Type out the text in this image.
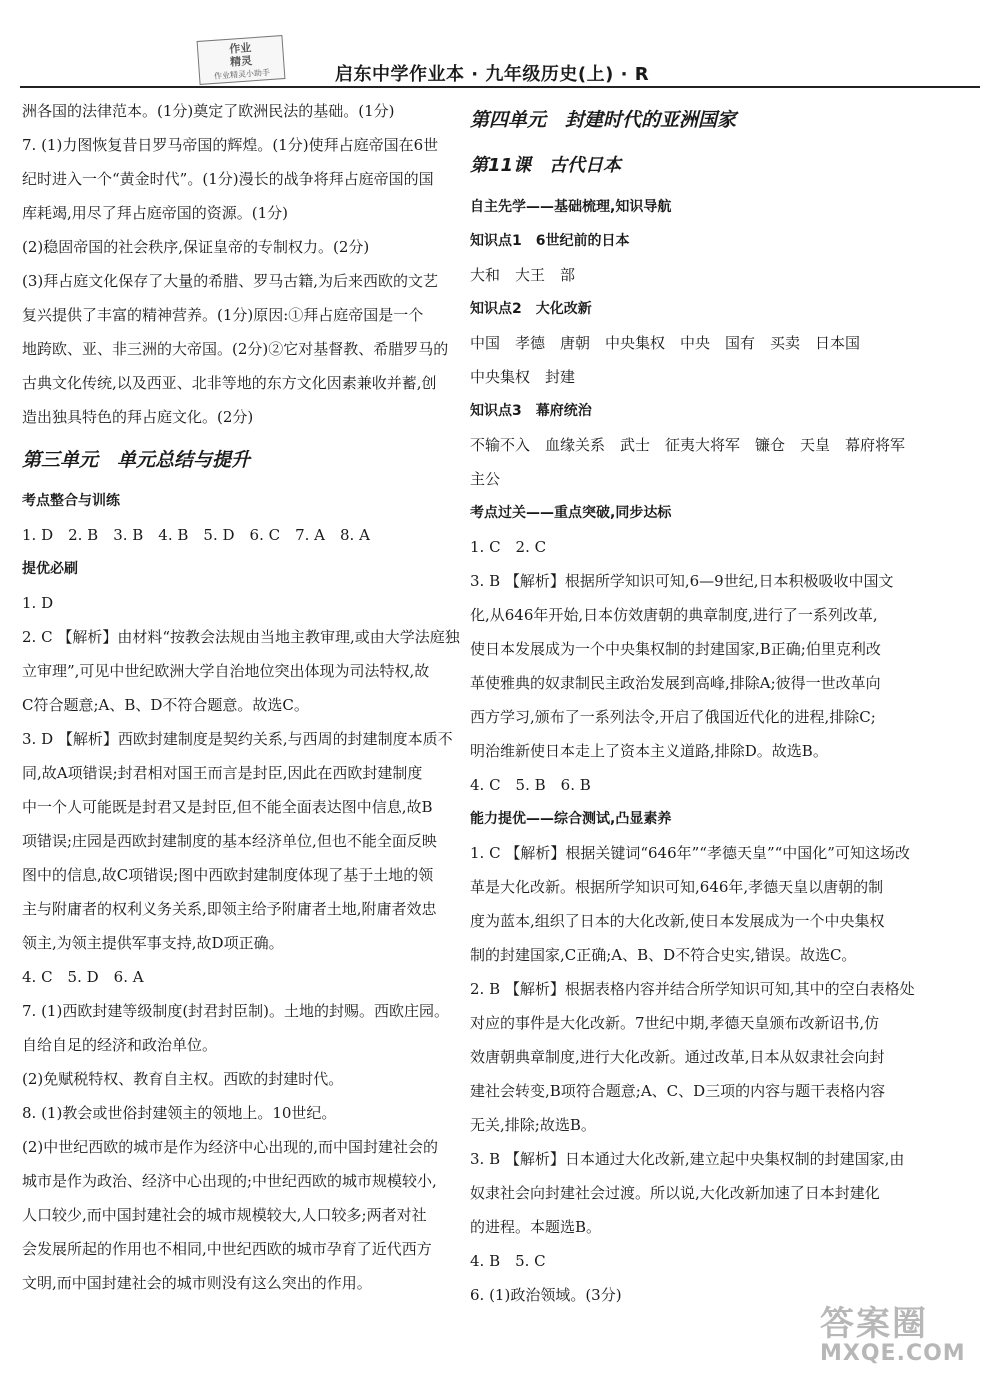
作业
精灵
作业精灵小助手	启东中学作业本 · 九年级历史(上) · R

洲各国的法律范本。(1分)奠定了欧洲民法的基础。(1分)

7. (1)力图恢复昔日罗马帝国的辉煌。(1分)使拜占庭帝国在6世

纪时进入一个“黄金时代”。(1分)漫长的战争将拜占庭帝国的国

库耗竭,用尽了拜占庭帝国的资源。(1分)

(2)稳固帝国的社会秩序,保证皇帝的专制权力。(2分)

(3)拜占庭文化保存了大量的希腊、罗马古籍,为后来西欧的文艺

复兴提供了丰富的精神营养。(1分)原因:①拜占庭帝国是一个

地跨欧、亚、非三洲的大帝国。(2分)②它对基督教、希腊罗马的

古典文化传统,以及西亚、北非等地的东方文化因素兼收并蓄,创

造出独具特色的拜占庭文化。(2分)

第三单元　单元总结与提升

考点整合与训练

1. D　2. B　3. B　4. B　5. D　6. C　7. A　8. A

提优必刷

1. D

2. C 【解析】由材料“按教会法规由当地主教审理,或由大学法庭独

立审理”,可见中世纪欧洲大学自治地位突出体现为司法特权,故

C符合题意;A、B、D不符合题意。故选C。

3. D 【解析】西欧封建制度是契约关系,与西周的封建制度本质不

同,故A项错误;封君相对国王而言是封臣,因此在西欧封建制度

中一个人可能既是封君又是封臣,但不能全面表达图中信息,故B

项错误;庄园是西欧封建制度的基本经济单位,但也不能全面反映

图中的信息,故C项错误;图中西欧封建制度体现了基于土地的领

主与附庸者的权利义务关系,即领主给予附庸者土地,附庸者效忠

领主,为领主提供军事支持,故D项正确。

4. C　5. D　6. A

7. (1)西欧封建等级制度(封君封臣制)。土地的封赐。西欧庄园。

自给自足的经济和政治单位。

(2)免赋税特权、教育自主权。西欧的封建时代。

8. (1)教会或世俗封建领主的领地上。10世纪。

(2)中世纪西欧的城市是作为经济中心出现的,而中国封建社会的

城市是作为政治、经济中心出现的;中世纪西欧的城市规模较小,

人口较少,而中国封建社会的城市规模较大,人口较多;两者对社

会发展所起的作用也不相同,中世纪西欧的城市孕育了近代西方

文明,而中国封建社会的城市则没有这么突出的作用。

第四单元　封建时代的亚洲国家

第11课　古代日本

自主先学——基础梳理,知识导航

知识点1　6世纪前的日本

大和　大王　部

知识点2　大化改新

中国　孝德　唐朝　中央集权　中央　国有　买卖　日本国

中央集权　封建

知识点3　幕府统治

不输不入　血缘关系　武士　征夷大将军　镰仓　天皇　幕府将军

主公

考点过关——重点突破,同步达标

1. C　2. C

3. B 【解析】根据所学知识可知,6—9世纪,日本积极吸收中国文

化,从646年开始,日本仿效唐朝的典章制度,进行了一系列改革,

使日本发展成为一个中央集权制的封建国家,B正确;伯里克利改

革使雅典的奴隶制民主政治发展到高峰,排除A;彼得一世改革向

西方学习,颁布了一系列法令,开启了俄国近代化的进程,排除C;

明治维新使日本走上了资本主义道路,排除D。故选B。

4. C　5. B　6. B

能力提优——综合测试,凸显素养

1. C 【解析】根据关键词“646年”“孝德天皇”“中国化”可知这场改

革是大化改新。根据所学知识可知,646年,孝德天皇以唐朝的制

度为蓝本,组织了日本的大化改新,使日本发展成为一个中央集权

制的封建国家,C正确;A、B、D不符合史实,错误。故选C。

2. B 【解析】根据表格内容并结合所学知识可知,其中的空白表格处

对应的事件是大化改新。7世纪中期,孝德天皇颁布改新诏书,仿

效唐朝典章制度,进行大化改新。通过改革,日本从奴隶社会向封

建社会转变,B项符合题意;A、C、D三项的内容与题干表格内容

无关,排除;故选B。

3. B 【解析】日本通过大化改新,建立起中央集权制的封建国家,由

奴隶社会向封建社会过渡。所以说,大化改新加速了日本封建化

的进程。本题选B。

4. B　5. C

6. (1)政治领域。(3分)

答案圈
MXQE.COM
